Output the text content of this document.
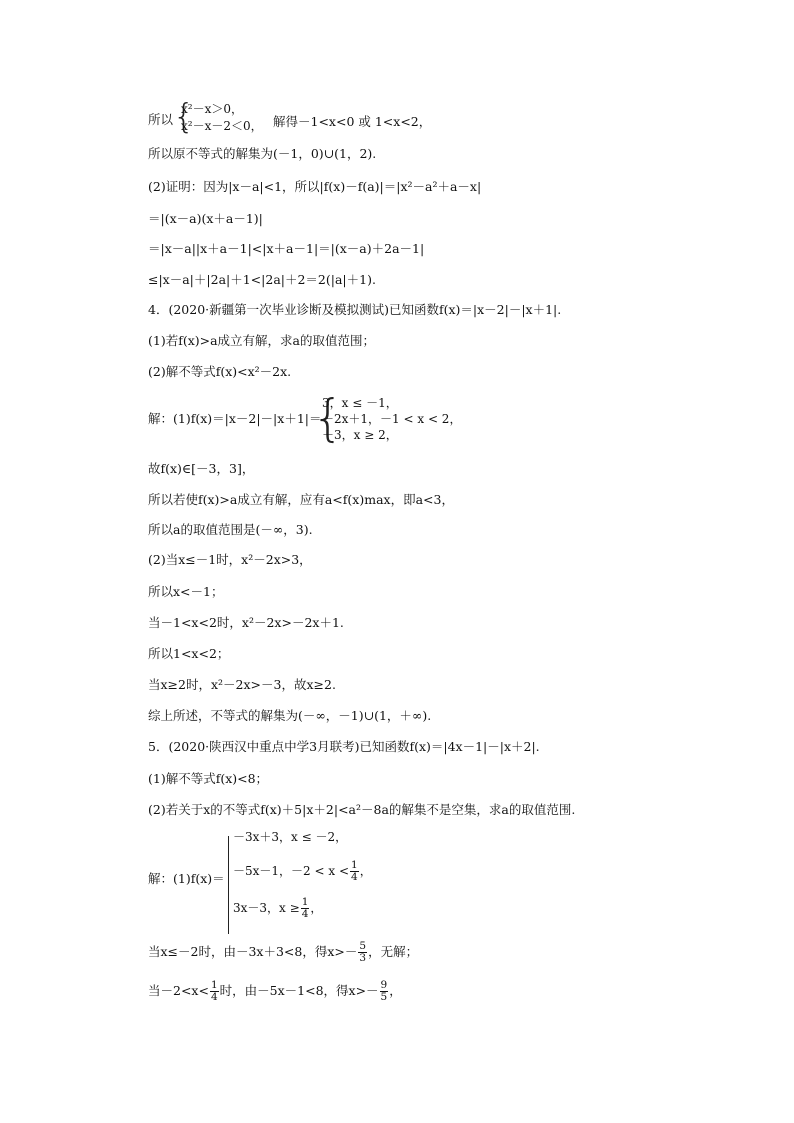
所以 {
x²－x＞0，
x²－x－2＜0， 解得－1<x<0 或 1<x<2，
所以原不等式的解集为(－1，0)∪(1，2).
(2)证明：因为|x－a|<1，所以|f(x)－f(a)|＝|x²－a²＋a－x|
＝|(x－a)(x＋a－1)|
＝|x－a||x＋a－1|<|x＋a－1|＝|(x－a)＋2a－1|
≤|x－a|＋|2a|＋1<|2a|＋2＝2(|a|＋1).
4．(2020·新疆第一次毕业诊断及模拟测试)已知函数f(x)＝|x－2|－|x＋1|.
(1)若f(x)>a成立有解，求a的取值范围；
(2)解不等式f(x)<x²－2x.
解：(1)f(x)＝|x－2|－|x＋1|＝
{
3，x ≤ －1，
－2x＋1，－1 < x < 2，
－3，x ≥ 2，
故f(x)∈[－3，3]，
所以若使f(x)>a成立有解，应有a<f(x)max，即a<3，
所以a的取值范围是(－∞，3).
(2)当x≤－1时，x²－2x>3，
所以x<－1；
当－1<x<2时，x²－2x>－2x＋1.
所以1<x<2；
当x≥2时，x²－2x>－3，故x≥2.
综上所述，不等式的解集为(－∞，－1)∪(1，＋∞).
5．(2020·陕西汉中重点中学3月联考)已知函数f(x)＝|4x－1|－|x＋2|.
(1)解不等式f(x)<8；
(2)若关于x的不等式f(x)＋5|x＋2|<a²－8a的解集不是空集，求a的取值范围.
解：(1)f(x)＝
－3x＋3，x ≤ －2，
－5x－1，$-2 < x < \frac{1}{4}$ ，
3x－3，$x \ge \frac{1}{4}$ ，
当x≤－2时，由－3x＋3<8，得$x>- \frac{5}{3}$ ，无解；
当$-2<x< \frac{1}{4}$ 时，由－5x－1<8，得$x>- \frac{9}{5}$ ，
